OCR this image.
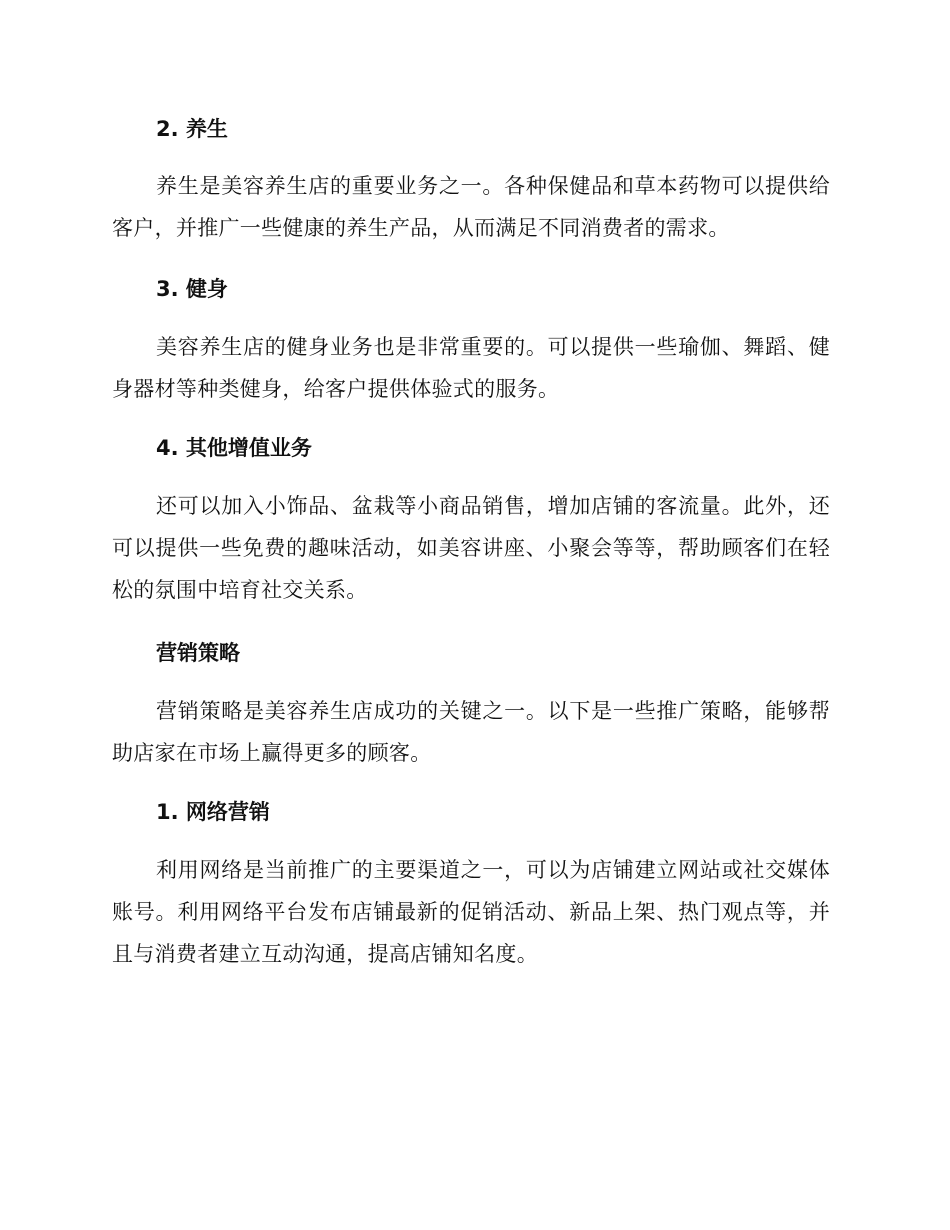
2. 养生

养生是美容养生店的重要业务之一。各种保健品和草本药物可以提供给客户，并推广一些健康的养生产品，从而满足不同消费者的需求。

3. 健身

美容养生店的健身业务也是非常重要的。可以提供一些瑜伽、舞蹈、健身器材等种类健身，给客户提供体验式的服务。

4. 其他增值业务

还可以加入小饰品、盆栽等小商品销售，增加店铺的客流量。此外，还可以提供一些免费的趣味活动，如美容讲座、小聚会等等，帮助顾客们在轻松的氛围中培育社交关系。

营销策略

营销策略是美容养生店成功的关键之一。以下是一些推广策略，能够帮助店家在市场上赢得更多的顾客。

1. 网络营销

利用网络是当前推广的主要渠道之一，可以为店铺建立网站或社交媒体账号。利用网络平台发布店铺最新的促销活动、新品上架、热门观点等，并且与消费者建立互动沟通，提高店铺知名度。
